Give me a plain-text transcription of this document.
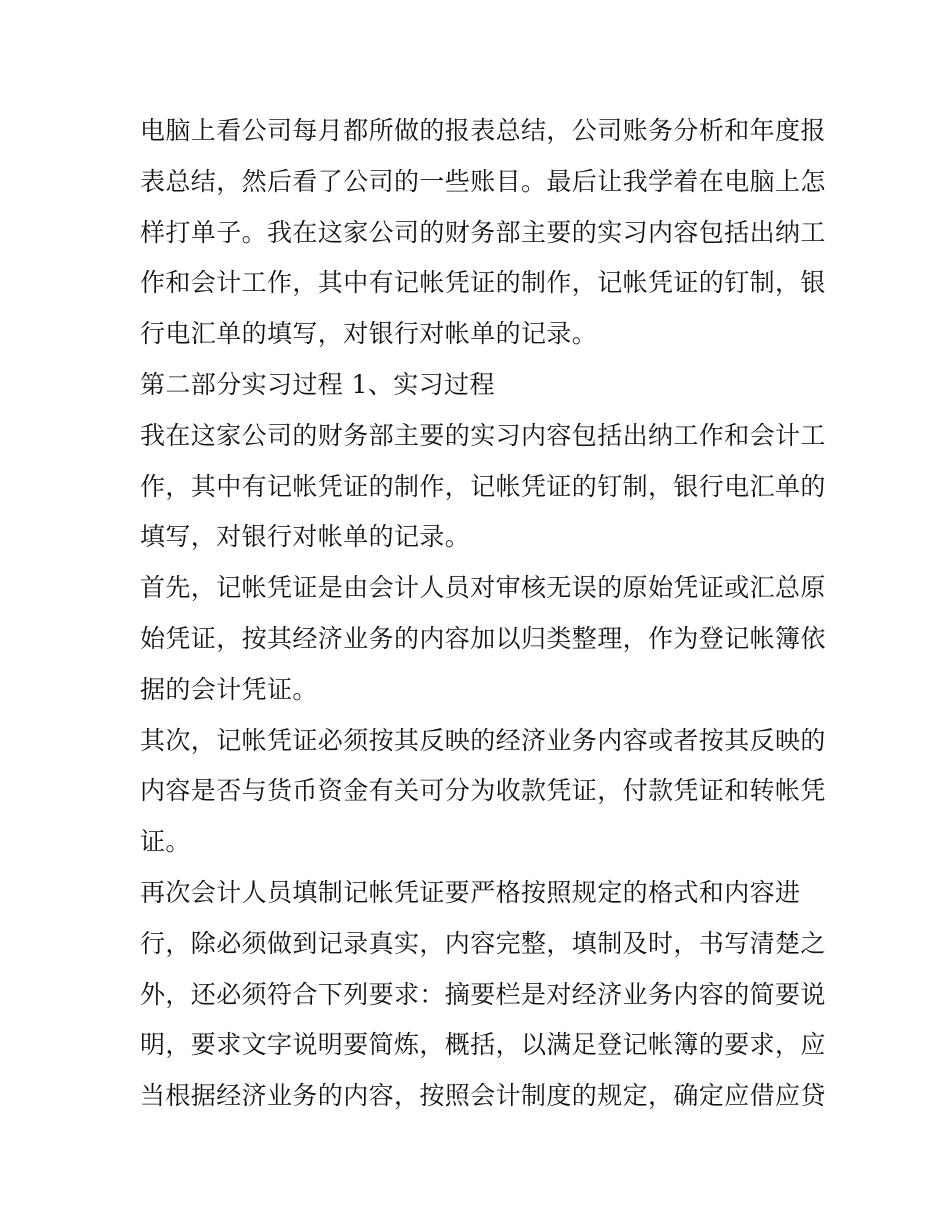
电脑上看公司每月都所做的报表总结，公司账务分析和年度报
表总结，然后看了公司的一些账目。最后让我学着在电脑上怎
样打单子。我在这家公司的财务部主要的实习内容包括出纳工
作和会计工作，其中有记帐凭证的制作，记帐凭证的钉制，银
行电汇单的填写，对银行对帐单的记录。
第二部分实习过程 1、实习过程
我在这家公司的财务部主要的实习内容包括出纳工作和会计工
作，其中有记帐凭证的制作，记帐凭证的钉制，银行电汇单的
填写，对银行对帐单的记录。
首先，记帐凭证是由会计人员对审核无误的原始凭证或汇总原
始凭证，按其经济业务的内容加以归类整理，作为登记帐簿依
据的会计凭证。
其次，记帐凭证必须按其反映的经济业务内容或者按其反映的
内容是否与货币资金有关可分为收款凭证，付款凭证和转帐凭
证。
再次会计人员填制记帐凭证要严格按照规定的格式和内容进
行，除必须做到记录真实，内容完整，填制及时，书写清楚之
外，还必须符合下列要求：摘要栏是对经济业务内容的简要说
明，要求文字说明要简炼，概括，以满足登记帐簿的要求，应
当根据经济业务的内容，按照会计制度的规定，确定应借应贷
